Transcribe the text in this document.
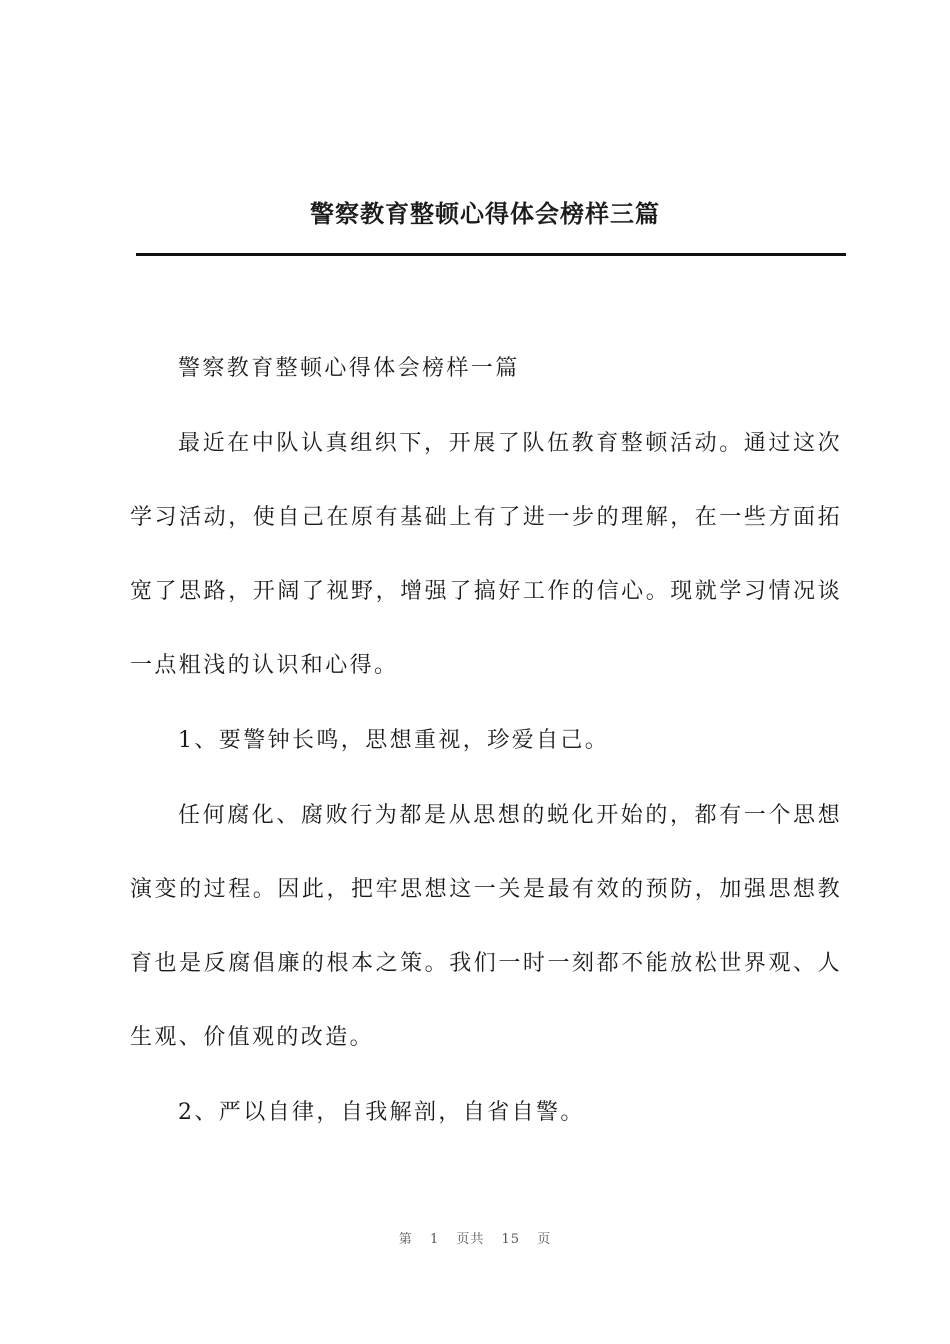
警察教育整顿心得体会榜样三篇

警察教育整顿心得体会榜样一篇

最近在中队认真组织下，开展了队伍教育整顿活动。通过这次学习活动，使自己在原有基础上有了进一步的理解，在一些方面拓宽了思路，开阔了视野，增强了搞好工作的信心。现就学习情况谈一点粗浅的认识和心得。

1、要警钟长鸣，思想重视，珍爱自己。

任何腐化、腐败行为都是从思想的蜕化开始的，都有一个思想演变的过程。因此，把牢思想这一关是最有效的预防，加强思想教育也是反腐倡廉的根本之策。我们一时一刻都不能放松世界观、人生观、价值观的改造。

2、严以自律，自我解剖，自省自警。

第 1 页共 15 页
